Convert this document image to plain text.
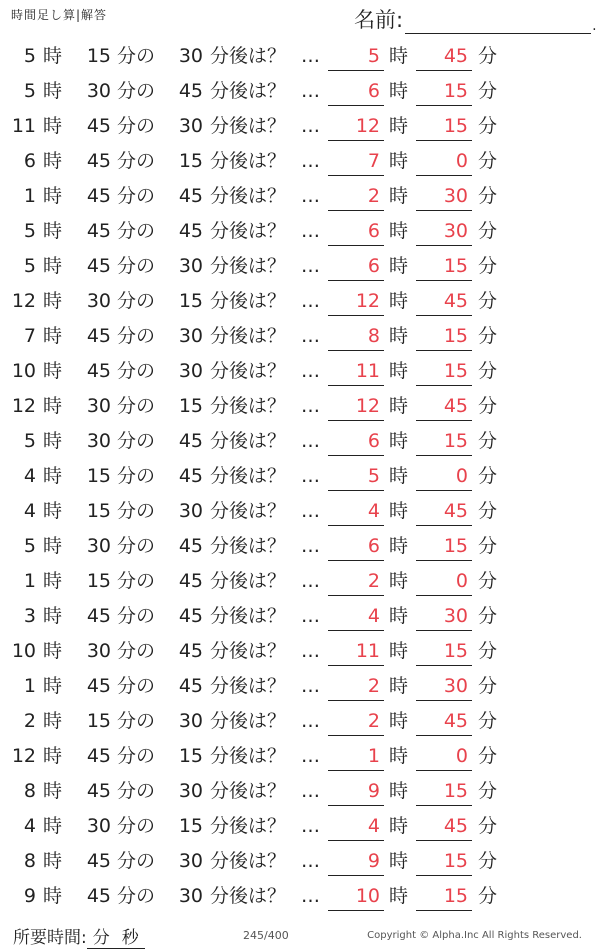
時間足し算|解答	名前:	.
5 時	15 分の	30 分後は？ …	5 時	45 分
5 時	30 分の	45 分後は？ …	6 時	15 分
11 時	45 分の	30 分後は？ …	12 時	15 分
6 時	45 分の	15 分後は？ …	7 時	0 分
1 時	45 分の	45 分後は？ …	2 時	30 分
5 時	45 分の	45 分後は？ …	6 時	30 分
5 時	45 分の	30 分後は？ …	6 時	15 分
12 時	30 分の	15 分後は？ …	12 時	45 分
7 時	45 分の	30 分後は？ …	8 時	15 分
10 時	45 分の	30 分後は？ …	11 時	15 分
12 時	30 分の	15 分後は？ …	12 時	45 分
5 時	30 分の	45 分後は？ …	6 時	15 分
4 時	15 分の	45 分後は？ …	5 時	0 分
4 時	15 分の	30 分後は？ …	4 時	45 分
5 時	30 分の	45 分後は？ …	6 時	15 分
1 時	15 分の	45 分後は？ …	2 時	0 分
3 時	45 分の	45 分後は？ …	4 時	30 分
10 時	30 分の	45 分後は？ …	11 時	15 分
1 時	45 分の	45 分後は？ …	2 時	30 分
2 時	15 分の	30 分後は？ …	2 時	45 分
12 時	45 分の	15 分後は？ …	1 時	0 分
8 時	45 分の	30 分後は？ …	9 時	15 分
4 時	30 分の	15 分後は？ …	4 時	45 分
8 時	45 分の	30 分後は？ …	9 時	15 分
9 時	45 分の	30 分後は？ …	10 時	15 分
所要時間: 分 秒	245/400	Copyright © Alpha.Inc All Rights Reserved.
